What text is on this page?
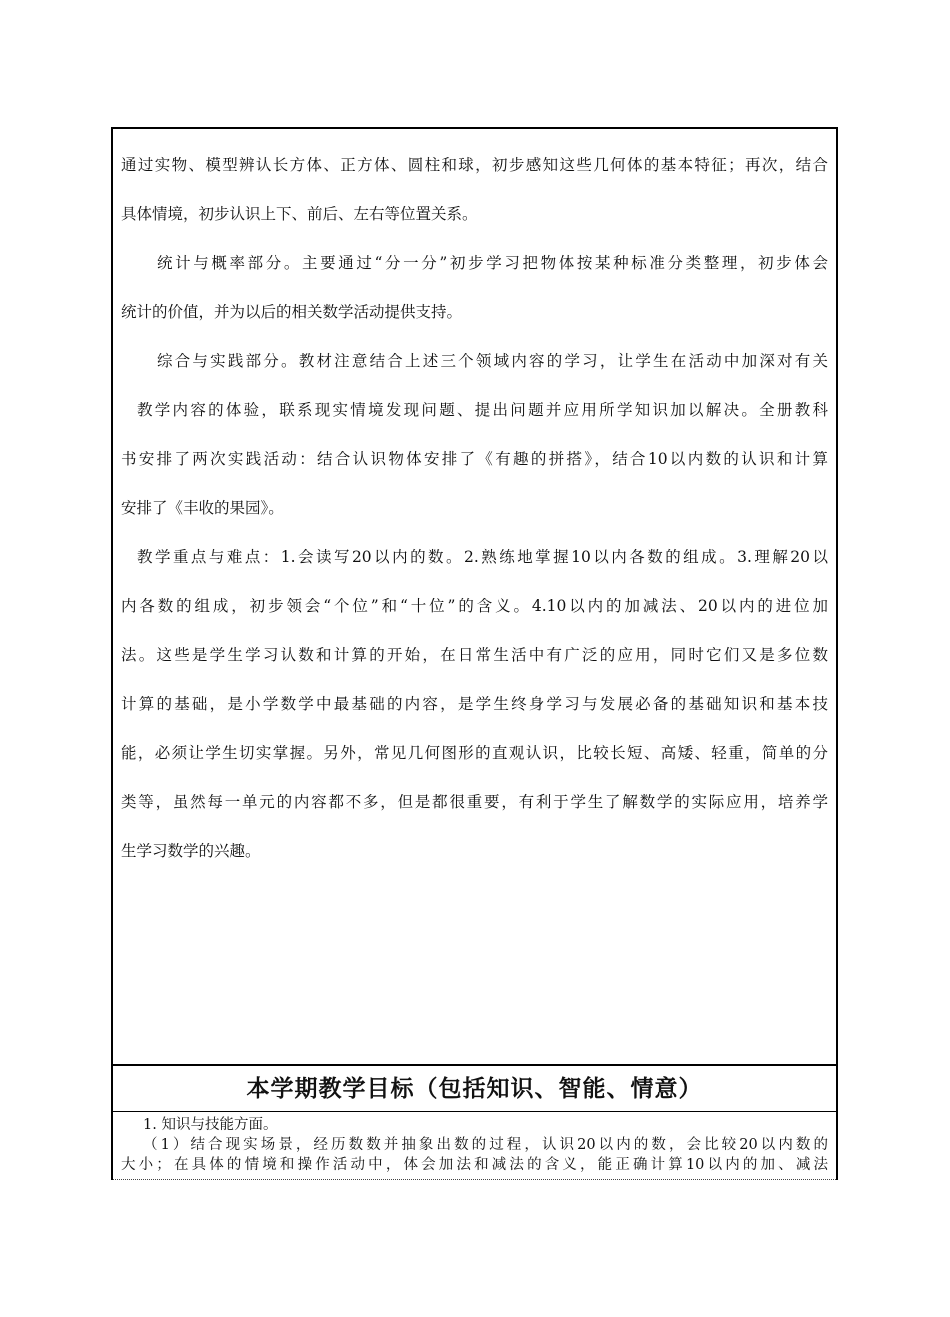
通过实物、模型辨认长方体、正方体、圆柱和球，初步感知这些几何体的基本特征；再次，结合
具体情境，初步认识上下、前后、左右等位置关系。
统计与概率部分。主要通过“分一分”初步学习把物体按某种标准分类整理，初步体会
统计的价值，并为以后的相关数学活动提供支持。
综合与实践部分。教材注意结合上述三个领域内容的学习，让学生在活动中加深对有关
教学内容的体验，联系现实情境发现问题、提出问题并应用所学知识加以解决。全册教科
书安排了两次实践活动：结合认识物体安排了《有趣的拼搭》，结合10以内数的认识和计算
安排了《丰收的果园》。
教学重点与难点：1.会读写20以内的数。2.熟练地掌握10以内各数的组成。3.理解20以
内各数的组成，初步领会“个位”和“十位”的含义。4.10以内的加减法、20以内的进位加
法。这些是学生学习认数和计算的开始，在日常生活中有广泛的应用，同时它们又是多位数
计算的基础，是小学数学中最基础的内容，是学生终身学习与发展必备的基础知识和基本技
能，必须让学生切实掌握。另外，常见几何图形的直观认识，比较长短、高矮、轻重，简单的分
类等，虽然每一单元的内容都不多，但是都很重要，有利于学生了解数学的实际应用，培养学
生学习数学的兴趣。
本学期教学目标（包括知识、智能、情意）
1. 知识与技能方面。
（1）结合现实场景，经历数数并抽象出数的过程，认识20以内的数，会比较20以内数的
大小；在具体的情境和操作活动中，体会加法和减法的含义，能正确计算10以内的加、减法
